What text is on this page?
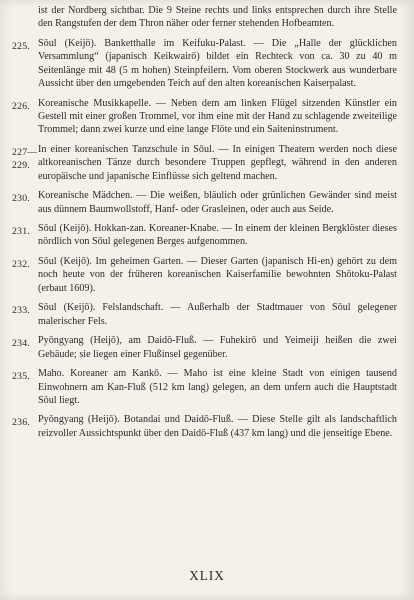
ist der Nordberg sichtbar. Die 9 Steine rechts und links entsprechen durch ihre Stelle den Rangstufen der dem Thron näher oder ferner stehenden Hofbeamten.

225. Sōul (Keijō). Banketthalle im Keifuku-Palast. — Die „Halle der glücklichen Versammlung“ (japanisch Keikwairō) bildet ein Rechteck von ca. 30 zu 40 m Seitenlänge mit 48 (5 m hohen) Steinpfeilern. Vom oberen Stockwerk aus wunderbare Aussicht über den umgebenden Teich auf den alten koreanischen Kaiserpalast.
226. Koreanische Musikkapelle. — Neben dem am linken Flügel sitzenden Künstler ein Gestell mit einer großen Trommel, vor ihm eine mit der Hand zu schlagende zweiteilige Trommel; dann zwei kurze und eine lange Flöte und ein Saiteninstrument.
227—229.
In einer koreanischen Tanzschule in Sōul. — In einigen Theatern werden noch diese altkoreanischen Tänze durch besondere Truppen gepflegt, während in den anderen europäische und japanische Einflüsse sich geltend machen.
230. Koreanische Mädchen. — Die weißen, bläulich oder grünlichen Gewänder sind meist aus dünnem Baumwollstoff, Hanf- oder Grasleinen, oder auch aus Seide.
231. Sōul (Keijō). Hokkan-zan. Koreaner-Knabe. — In einem der kleinen Bergklöster dieses nördlich von Sōul gelegenen Berges aufgenommen.
232. Sōul (Keijō). Im geheimen Garten. — Dieser Garten (japanisch Hi-en) gehört zu dem noch heute von der früheren koreanischen Kaiserfamilie bewohnten Shōtoku-Palast (erbaut 1609).
233. Sōul (Keijō). Felslandschaft. — Außerhalb der Stadtmauer von Sōul gelegener malerischer Fels.
234. Pyōngyang (Heijō), am Daidō-Fluß. — Fuhekirō und Yeimeiji heißen die zwei Gebäude; sie liegen einer Flußinsel gegenüber.
235. Maho. Koreaner am Kankō. — Maho ist eine kleine Stadt von einigen tausend Einwohnern am Kan-Fluß (512 km lang) gelegen, an dem unfern auch die Hauptstadt Sōul liegt.
236. Pyōngyang (Heijō). Botandai und Daidō-Fluß. — Diese Stelle gilt als landschaftlich reizvoller Aussichtspunkt über den Daidō-Fluß (437 km lang) und die jenseitige Ebene.
XLIX
